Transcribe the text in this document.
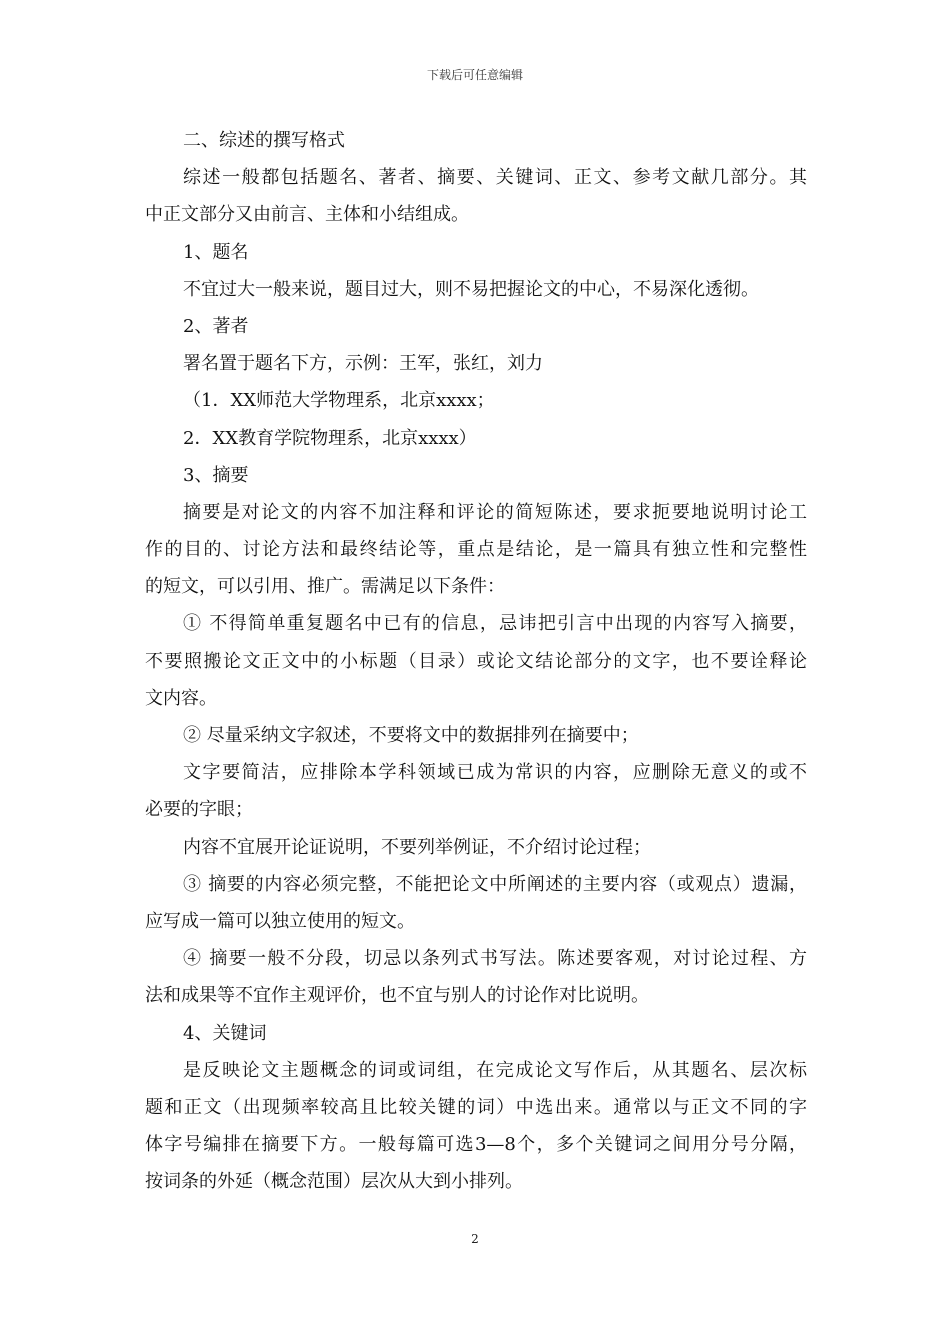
下载后可任意编辑
二、综述的撰写格式
综述一般都包括题名、著者、摘要、关键词、正文、参考文献几部分。其
中正文部分又由前言、主体和小结组成。
1、题名
不宜过大一般来说，题目过大，则不易把握论文的中心，不易深化透彻。
2、著者
署名置于题名下方，示例：王军，张红，刘力
（1．XX师范大学物理系，北京xxxx；
2．XX教育学院物理系，北京xxxx）
3、摘要
摘要是对论文的内容不加注释和评论的简短陈述，要求扼要地说明讨论工
作的目的、讨论方法和最终结论等，重点是结论，是一篇具有独立性和完整性
的短文，可以引用、推广。需满足以下条件：
① 不得简单重复题名中已有的信息，忌讳把引言中出现的内容写入摘要，
不要照搬论文正文中的小标题（目录）或论文结论部分的文字，也不要诠释论
文内容。
② 尽量采纳文字叙述，不要将文中的数据排列在摘要中；
文字要简洁，应排除本学科领域已成为常识的内容，应删除无意义的或不
必要的字眼；
内容不宜展开论证说明，不要列举例证，不介绍讨论过程；
③ 摘要的内容必须完整，不能把论文中所阐述的主要内容（或观点）遗漏，
应写成一篇可以独立使用的短文。
④ 摘要一般不分段，切忌以条列式书写法。陈述要客观，对讨论过程、方
法和成果等不宜作主观评价，也不宜与别人的讨论作对比说明。
4、关键词
是反映论文主题概念的词或词组，在完成论文写作后，从其题名、层次标
题和正文（出现频率较高且比较关键的词）中选出来。通常以与正文不同的字
体字号编排在摘要下方。一般每篇可选3—8个，多个关键词之间用分号分隔，
按词条的外延（概念范围）层次从大到小排列。
2
